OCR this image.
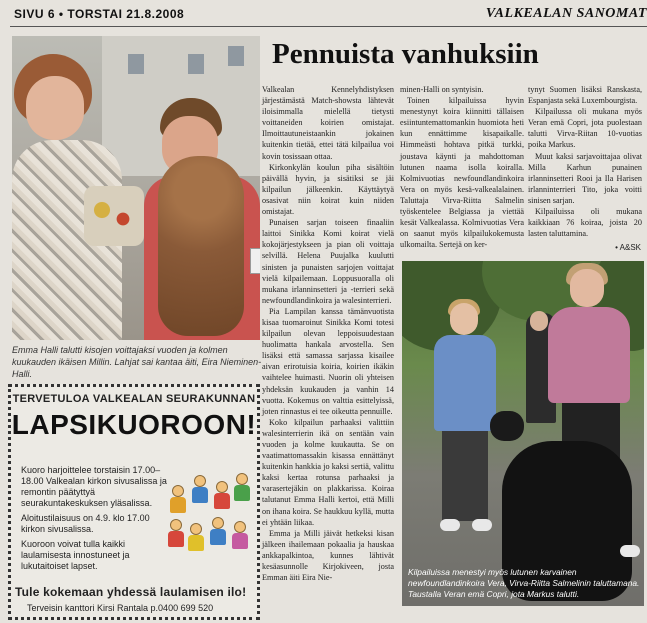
SIVU 6 • TORSTAI 21.8.2008	VALKEALAN SANOMAT
Emma Halli talutti kisojen voittajaksi vuoden ja kolmen kuukauden ikäisen Millin. Lahjat sai kantaa äiti, Eira Nieminen-Halli.
TERVETULOA VALKEALAN SEURAKUNNAN
LAPSIKUOROON!
Kuoro harjoittelee torstaisin 17.00–18.00 Valkealan kirkon sivusalissa ja remontin päätyttyä seurakuntakeskuksen yläsalissa.
Aloitustilaisuus on 4.9. klo 17.00 kirkon sivusalissa.
Kuoroon voivat tulla kaikki laulamisesta innostuneet ja lukutaitoiset lapset.
Tule kokemaan yhdessä laulamisen ilo!
Terveisin kanttori Kirsi Rantala p.0400 699 520
Pennuista vanhuksiin

Valkealan Kennelyhdistyksen järjestämästä Match-showsta lähtevät iloisimmalla mielellä tietysti voittaneiden koirien omistajat. Ilmoittautuneistaankin jokainen kuitenkin tietää, ettei tätä kilpailua voi kovin tosissaan ottaa.

Kirkonkylän koulun piha sisältöin päivällä hyvin, ja sisätiksi se jäi kilpailun jälkeenkin. Käyttäytyä osasivat niin koirat kuin niiden omistajat.

Punaisen sarjan toiseen finaaliin laittoi Sinikka Komi koirat vielä kokojärjestykseen ja pian oli voittaja selvillä. Helena Puujalka kuulutti sinisten ja punaisten sarjojen voittajat vielä kilpailemaan. Loppusuoralla oli mukana irlanninsetteri ja -terrieri sekä newfoundlandinkoira ja walesinterrieri.

Pia Lampilan kanssa tämänvuotista kisaa tuomaroinut Sinikka Komi totesi kilpailun olevan leppoisuudestaan huolimatta hankala arvostella. Sen lisäksi että samassa sarjassa kisailee aivan erirotuisia koiria, koirien ikäkin vaihtelee huimasti. Nuorin oli yhteisen yhdeksän kuukauden ja vanhin 14 vuotta. Kokemus on valttia esittelyissä, joten rinnastus ei tee oikeutta pennuille.

Koko kilpailun parhaaksi valittiin walesinterrierin ikä on sentään vain vuoden ja kolme kuukautta. Se on vaatimattomassakin kisassa ennättänyt kuitenkin hankkia jo kaksi sertiä, valittu kaksi kertaa rotunsa parhaaksi ja varasertejäkin on plakkarissa. Koiraa talutanut Emma Halli kertoi, että Milli on ihana koira. Se haukkuu kyllä, mutta ei yhtään liikaa.

Emma ja Milli jäivät hetkeksi kisan jälkeen ihailemaan pokaalia ja hauskaa ankkapalkintoa, kunnes lähtivät kesäasunnolle Kirjokiveen, josta Emman äiti Eira Nie-

minen-Halli on syntyisin.

Toinen kilpailuissa hyvin menestynyt koira kiinnitti tällaisen esiintuntemattomankin huomiota heti kun ennättimme kisapaikalle. Himmeästi hohtava pitkä turkki, joustava käynti ja mahdottoman lutunen naama isolla koiralla. Kolmivuotias newfoundlandinkoira Vera on myös kesä-valkealalainen. Taluttaja Virva-Riitta Salmelin työskentelee Belgiassa ja viettää kesät Valkealassa. Kolmivuotias Vera on saanut myös kilpailukokemusta ulkomailta. Sertejä on ker-

tynyt Suomen lisäksi Ranskasta, Espanjasta sekä Luxembourgista.

Kilpailussa oli mukana myös Veran emä Copri, jota puolestaan talutti Virva-Riitan 10-vuotias poika Markus.

Muut kaksi sarjavoittajaa olivat Milla Karhun punainen irlanninsetteri Rooi ja Ila Harisen irlanninterrieri Tito, joka voitti sinisen sarjan.

Kilpailuissa oli mukana kaikkiaan 76 koiraa, joista 20 lasten taluttamina.

• A&SK
Kilpailuissa menestyi myös lutunen karvainen newfoundlandinkoira Vera, Virva-Riitta Salmelinin taluttamana. Taustalla Veran emä Copri, jota Markus talutti.
